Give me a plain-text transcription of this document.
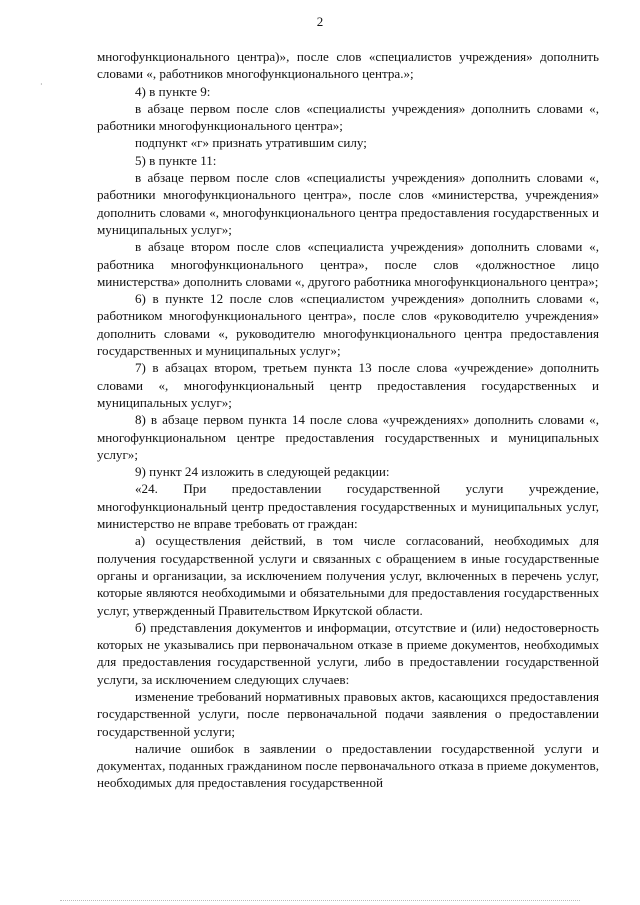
2
·

многофункционального центра)», после слов «специалистов учреждения» дополнить словами «, работников многофункционального центра.»;

4) в пункте 9:

в абзаце первом после слов «специалисты учреждения» дополнить словами «, работники многофункционального центра»;

подпункт «г» признать утратившим силу;

5) в пункте 11:

в абзаце первом после слов «специалисты учреждения» дополнить словами «, работники многофункционального центра», после слов «министерства, учреждения» дополнить словами «, многофункционального центра предоставления государственных и муниципальных услуг»;

в абзаце втором после слов «специалиста учреждения» дополнить словами «, работника многофункционального центра», после слов «должностное лицо министерства» дополнить словами «, другого работника многофункционального центра»;

6) в пункте 12 после слов «специалистом учреждения» дополнить словами «, работником многофункционального центра», после слов «руководителю учреждения» дополнить словами «, руководителю многофункционального центра предоставления государственных и муниципальных услуг»;

7) в абзацах втором, третьем пункта 13 после слова «учреждение» дополнить словами «, многофункциональный центр предоставления государственных и муниципальных услуг»;

8) в абзаце первом пункта 14 после слова «учреждениях» дополнить словами «, многофункциональном центре предоставления государственных и муниципальных услуг»;

9) пункт 24 изложить в следующей редакции:

«24. При предоставлении государственной услуги учреждение, многофункциональный центр предоставления государственных и муниципальных услуг, министерство не вправе требовать от граждан:

а) осуществления действий, в том числе согласований, необходимых для получения государственной услуги и связанных с обращением в иные государственные органы и организации, за исключением получения услуг, включенных в перечень услуг, которые являются необходимыми и обязательными для предоставления государственных услуг, утвержденный Правительством Иркутской области.

б) представления документов и информации, отсутствие и (или) недостоверность которых не указывались при первоначальном отказе в приеме документов, необходимых для предоставления государственной услуги, либо в предоставлении государственной услуги, за исключением следующих случаев:

изменение требований нормативных правовых актов, касающихся предоставления государственной услуги, после первоначальной подачи заявления о предоставлении государственной услуги;

наличие ошибок в заявлении о предоставлении государственной услуги и документах, поданных гражданином после первоначального отказа в приеме документов, необходимых для предоставления государственной
